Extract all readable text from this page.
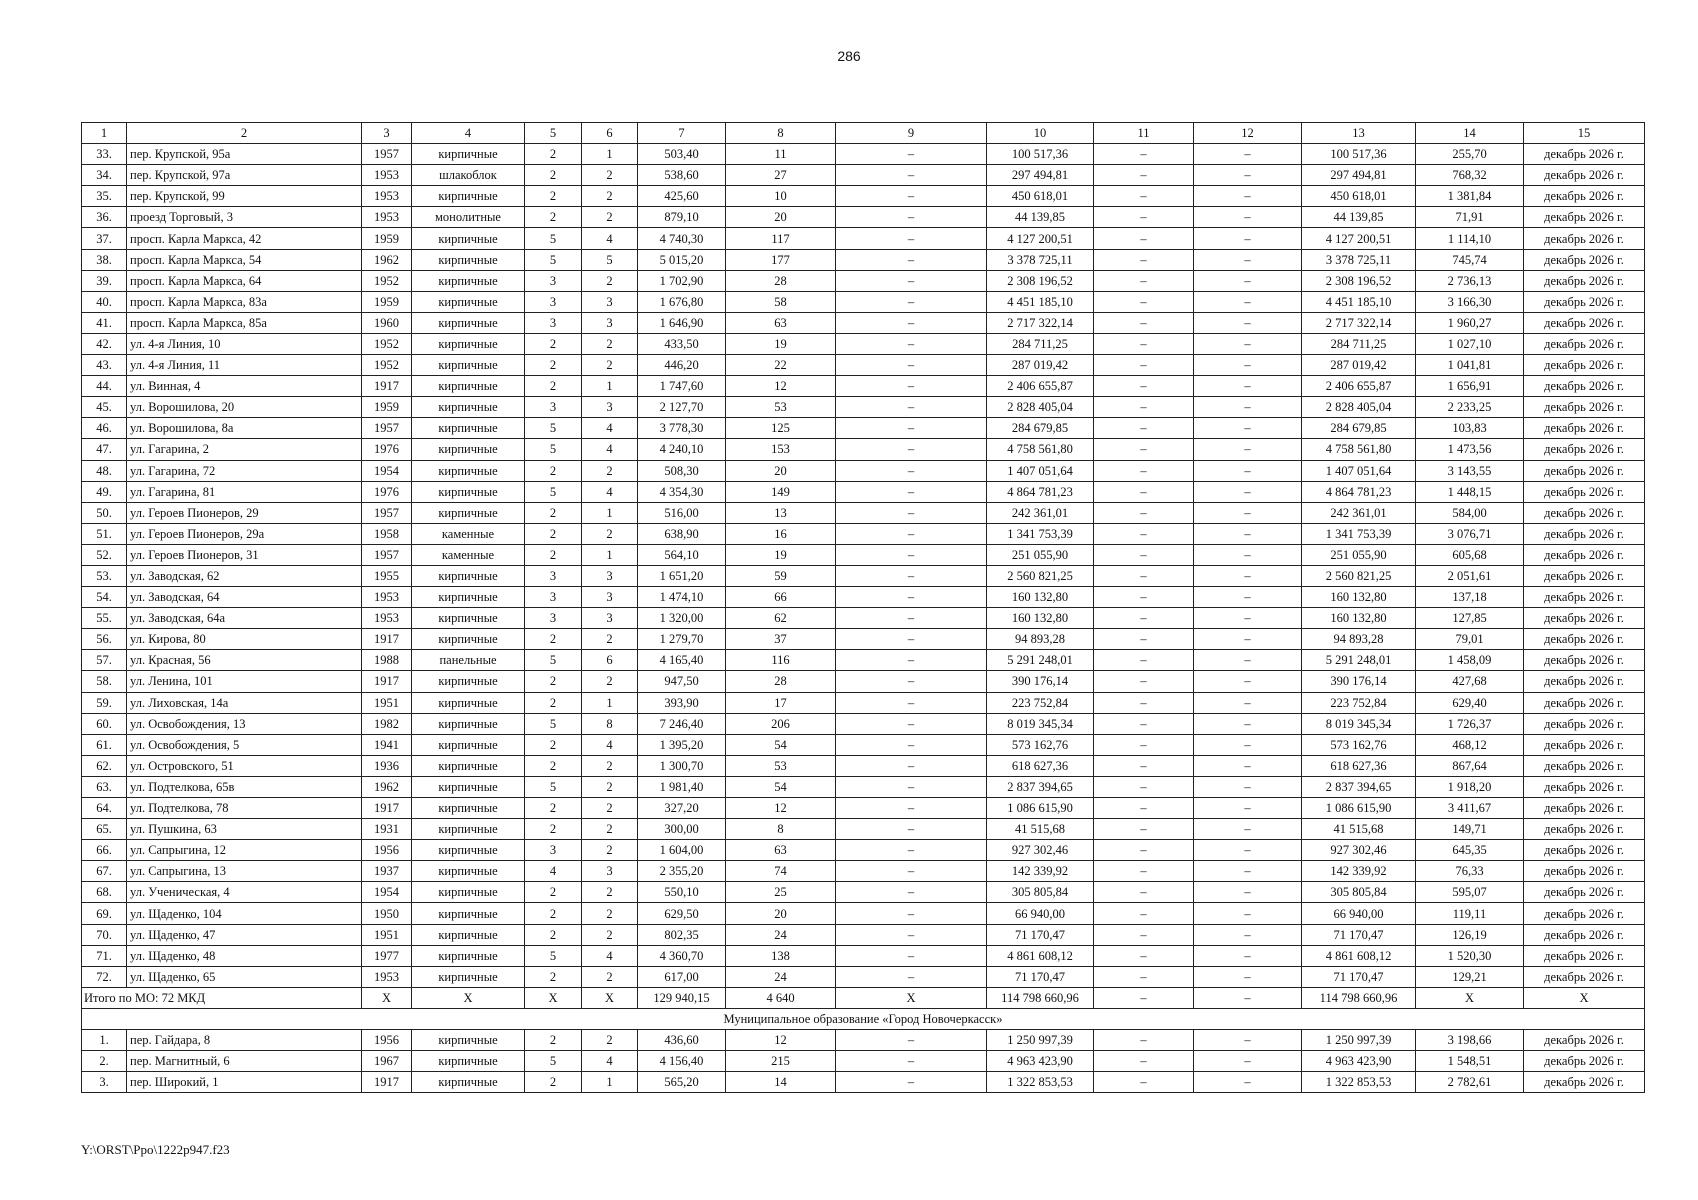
286
1	2	3	4	5	6	7	8	9	10	11	12	13	14	15
33.	пер. Крупской, 95а	1957	кирпичные	2	1	503,40	11	–	100 517,36	–	–	100 517,36	255,70	декабрь 2026 г.
34.	пер. Крупской, 97а	1953	шлакоблок	2	2	538,60	27	–	297 494,81	–	–	297 494,81	768,32	декабрь 2026 г.
35.	пер. Крупской, 99	1953	кирпичные	2	2	425,60	10	–	450 618,01	–	–	450 618,01	1 381,84	декабрь 2026 г.
36.	проезд Торговый, 3	1953	монолитные	2	2	879,10	20	–	44 139,85	–	–	44 139,85	71,91	декабрь 2026 г.
37.	просп. Карла Маркса, 42	1959	кирпичные	5	4	4 740,30	117	–	4 127 200,51	–	–	4 127 200,51	1 114,10	декабрь 2026 г.
38.	просп. Карла Маркса, 54	1962	кирпичные	5	5	5 015,20	177	–	3 378 725,11	–	–	3 378 725,11	745,74	декабрь 2026 г.
39.	просп. Карла Маркса, 64	1952	кирпичные	3	2	1 702,90	28	–	2 308 196,52	–	–	2 308 196,52	2 736,13	декабрь 2026 г.
40.	просп. Карла Маркса, 83а	1959	кирпичные	3	3	1 676,80	58	–	4 451 185,10	–	–	4 451 185,10	3 166,30	декабрь 2026 г.
41.	просп. Карла Маркса, 85а	1960	кирпичные	3	3	1 646,90	63	–	2 717 322,14	–	–	2 717 322,14	1 960,27	декабрь 2026 г.
42.	ул. 4-я Линия, 10	1952	кирпичные	2	2	433,50	19	–	284 711,25	–	–	284 711,25	1 027,10	декабрь 2026 г.
43.	ул. 4-я Линия, 11	1952	кирпичные	2	2	446,20	22	–	287 019,42	–	–	287 019,42	1 041,81	декабрь 2026 г.
44.	ул. Винная, 4	1917	кирпичные	2	1	1 747,60	12	–	2 406 655,87	–	–	2 406 655,87	1 656,91	декабрь 2026 г.
45.	ул. Ворошилова, 20	1959	кирпичные	3	3	2 127,70	53	–	2 828 405,04	–	–	2 828 405,04	2 233,25	декабрь 2026 г.
46.	ул. Ворошилова, 8а	1957	кирпичные	5	4	3 778,30	125	–	284 679,85	–	–	284 679,85	103,83	декабрь 2026 г.
47.	ул. Гагарина, 2	1976	кирпичные	5	4	4 240,10	153	–	4 758 561,80	–	–	4 758 561,80	1 473,56	декабрь 2026 г.
48.	ул. Гагарина, 72	1954	кирпичные	2	2	508,30	20	–	1 407 051,64	–	–	1 407 051,64	3 143,55	декабрь 2026 г.
49.	ул. Гагарина, 81	1976	кирпичные	5	4	4 354,30	149	–	4 864 781,23	–	–	4 864 781,23	1 448,15	декабрь 2026 г.
50.	ул. Героев Пионеров, 29	1957	кирпичные	2	1	516,00	13	–	242 361,01	–	–	242 361,01	584,00	декабрь 2026 г.
51.	ул. Героев Пионеров, 29а	1958	каменные	2	2	638,90	16	–	1 341 753,39	–	–	1 341 753,39	3 076,71	декабрь 2026 г.
52.	ул. Героев Пионеров, 31	1957	каменные	2	1	564,10	19	–	251 055,90	–	–	251 055,90	605,68	декабрь 2026 г.
53.	ул. Заводская, 62	1955	кирпичные	3	3	1 651,20	59	–	2 560 821,25	–	–	2 560 821,25	2 051,61	декабрь 2026 г.
54.	ул. Заводская, 64	1953	кирпичные	3	3	1 474,10	66	–	160 132,80	–	–	160 132,80	137,18	декабрь 2026 г.
55.	ул. Заводская, 64а	1953	кирпичные	3	3	1 320,00	62	–	160 132,80	–	–	160 132,80	127,85	декабрь 2026 г.
56.	ул. Кирова, 80	1917	кирпичные	2	2	1 279,70	37	–	94 893,28	–	–	94 893,28	79,01	декабрь 2026 г.
57.	ул. Красная, 56	1988	панельные	5	6	4 165,40	116	–	5 291 248,01	–	–	5 291 248,01	1 458,09	декабрь 2026 г.
58.	ул. Ленина, 101	1917	кирпичные	2	2	947,50	28	–	390 176,14	–	–	390 176,14	427,68	декабрь 2026 г.
59.	ул. Лиховская, 14а	1951	кирпичные	2	1	393,90	17	–	223 752,84	–	–	223 752,84	629,40	декабрь 2026 г.
60.	ул. Освобождения, 13	1982	кирпичные	5	8	7 246,40	206	–	8 019 345,34	–	–	8 019 345,34	1 726,37	декабрь 2026 г.
61.	ул. Освобождения, 5	1941	кирпичные	2	4	1 395,20	54	–	573 162,76	–	–	573 162,76	468,12	декабрь 2026 г.
62.	ул. Островского, 51	1936	кирпичные	2	2	1 300,70	53	–	618 627,36	–	–	618 627,36	867,64	декабрь 2026 г.
63.	ул. Подтелкова, 65в	1962	кирпичные	5	2	1 981,40	54	–	2 837 394,65	–	–	2 837 394,65	1 918,20	декабрь 2026 г.
64.	ул. Подтелкова, 78	1917	кирпичные	2	2	327,20	12	–	1 086 615,90	–	–	1 086 615,90	3 411,67	декабрь 2026 г.
65.	ул. Пушкина, 63	1931	кирпичные	2	2	300,00	8	–	41 515,68	–	–	41 515,68	149,71	декабрь 2026 г.
66.	ул. Сапрыгина, 12	1956	кирпичные	3	2	1 604,00	63	–	927 302,46	–	–	927 302,46	645,35	декабрь 2026 г.
67.	ул. Сапрыгина, 13	1937	кирпичные	4	3	2 355,20	74	–	142 339,92	–	–	142 339,92	76,33	декабрь 2026 г.
68.	ул. Ученическая, 4	1954	кирпичные	2	2	550,10	25	–	305 805,84	–	–	305 805,84	595,07	декабрь 2026 г.
69.	ул. Щаденко, 104	1950	кирпичные	2	2	629,50	20	–	66 940,00	–	–	66 940,00	119,11	декабрь 2026 г.
70.	ул. Щаденко, 47	1951	кирпичные	2	2	802,35	24	–	71 170,47	–	–	71 170,47	126,19	декабрь 2026 г.
71.	ул. Щаденко, 48	1977	кирпичные	5	4	4 360,70	138	–	4 861 608,12	–	–	4 861 608,12	1 520,30	декабрь 2026 г.
72.	ул. Щаденко, 65	1953	кирпичные	2	2	617,00	24	–	71 170,47	–	–	71 170,47	129,21	декабрь 2026 г.
Итого по МО: 72 МКД		Х	Х	Х	Х	129 940,15	4 640	Х	114 798 660,96	–	–	114 798 660,96	Х	Х
Муниципальное образование «Город Новочеркасск»														
1.	пер. Гайдара, 8	1956	кирпичные	2	2	436,60	12	–	1 250 997,39	–	–	1 250 997,39	3 198,66	декабрь 2026 г.
2.	пер. Магнитный, 6	1967	кирпичные	5	4	4 156,40	215	–	4 963 423,90	–	–	4 963 423,90	1 548,51	декабрь 2026 г.
3.	пер. Широкий, 1	1917	кирпичные	2	1	565,20	14	–	1 322 853,53	–	–	1 322 853,53	2 782,61	декабрь 2026 г.
Y:\ORST\Ppo\1222p947.f23
